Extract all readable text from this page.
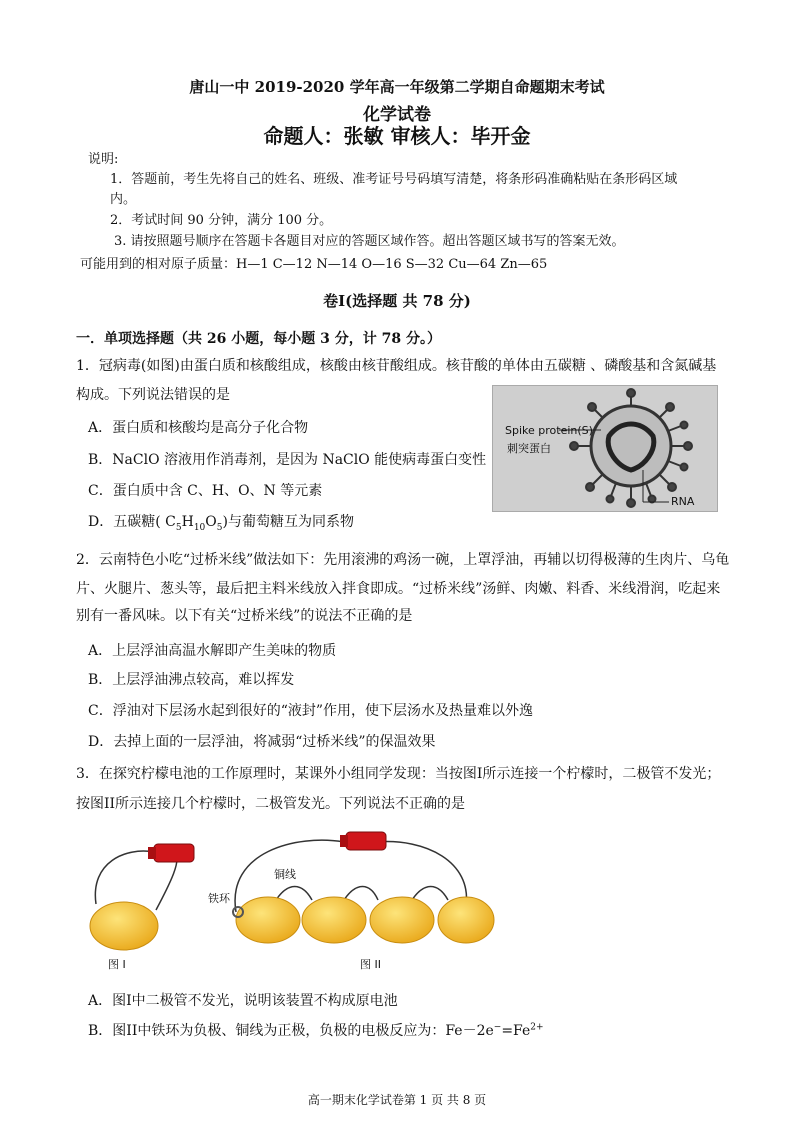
唐山一中 2019-2020 学年高一年级第二学期自命题期末考试
化学试卷
命题人：张敏 审核人：毕开金
说明:
1．答题前，考生先将自己的姓名、班级、准考证号号码填写清楚，将条形码准确粘贴在条形码区域
内。
2．考试时间 90 分钟，满分 100 分。
3. 请按照题号顺序在答题卡各题目对应的答题区域作答。超出答题区域书写的答案无效。
可能用到的相对原子质量：H—1 C—12 N—14 O—16 S—32 Cu—64 Zn—65
卷I(选择题 共 78 分)
一．单项选择题（共 26 小题，每小题 3 分，计 78 分。）
1．冠病毒(如图)由蛋白质和核酸组成，核酸由核苷酸组成。核苷酸的单体由五碳糖 、磷酸基和含氮碱基
构成。下列说法错误的是
A．蛋白质和核酸均是高分子化合物
B．NaClO 溶液用作消毒剂，是因为 NaClO 能使病毒蛋白变性
C．蛋白质中含 C、H、O、N 等元素
D．五碳糖( $C_5H_{10}O_5$)与葡萄糖互为同系物
Spike protein(S)
刺突蛋白
RNA
2．云南特色小吃“过桥米线”做法如下：先用滚沸的鸡汤一碗，上罩浮油，再辅以切得极薄的生肉片、乌龟
片、火腿片、葱头等，最后把主料米线放入拌食即成。“过桥米线”汤鲜、肉嫩、料香、米线滑润，吃起来
别有一番风味。以下有关“过桥米线”的说法不正确的是
A．上层浮油高温水解即产生美味的物质
B．上层浮油沸点较高，难以挥发
C．浮油对下层汤水起到很好的“液封”作用，使下层汤水及热量难以外逸
D．去掉上面的一层浮油，将减弱“过桥米线”的保温效果
3．在探究柠檬电池的工作原理时，某课外小组同学发现：当按图I所示连接一个柠檬时，二极管不发光；
按图II所示连接几个柠檬时，二极管发光。下列说法不正确的是
铁环
铜线
图 I	图 II
A．图I中二极管不发光，说明该装置不构成原电池
B．图II中铁环为负极、铜线为正极，负极的电极反应为：$Fe-2e^-=Fe^{2+}$
高一期末化学试卷第 1 页 共 8 页
